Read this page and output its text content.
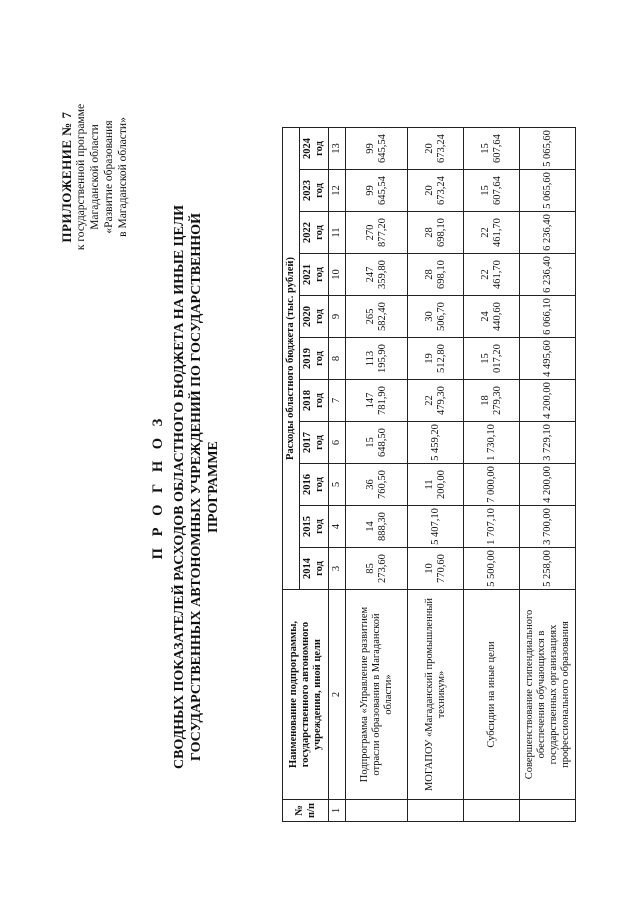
ПРИЛОЖЕНИЕ № 7 к государственной программе Магаданской области «Развитие образования в Магаданской области»
П Р О Г Н О З СВОДНЫХ ПОКАЗАТЕЛЕЙ РАСХОДОВ ОБЛАСТНОГО БЮДЖЕТА НА ИНЫЕ ЦЕЛИ ГОСУДАРСТВЕННЫХ АВТОНОМНЫХ УЧРЕЖДЕНИЙ ПО ГОСУДАРСТВЕННОЙ ПРОГРАММЕ
№ п/п	Наименование подпрограммы, государственного автономного учреждения, иной цели	Расходы областного бюджета (тыс. рублей)										
		2014 год	2015 год	2016 год	2017 год	2018 год	2019 год	2020 год	2021 год	2022 год	2023 год	2024 год
1	2	3	4	5	6	7	8	9	10	11	12	13
	Подпрограмма «Управление развитием отрасли образования в Магаданской области»	85 273,60	14 888,30	36 760,50	15 648,50	147 781,90	113 195,90	265 582,40	247 359,80	270 877,20	99 645,54	99 645,54
	МОГАПОУ «Магаданский промышленный техникум»	10 770,60	5 407,10	11 200,00	5 459,20	22 479,30	19 512,80	30 506,70	28 698,10	28 698,10	20 673,24	20 673,24
	Субсидии на иные цели	5 500,00	1 707,10	7 000,00	1 730,10	18 279,30	15 017,20	24 440,60	22 461,70	22 461,70	15 607,64	15 607,64
	Совершенствование стипендиального обеспечения обучающихся в государственных организациях профессионального образования	5 258,00	3 700,00	4 200,00	3 729,10	4 200,00	4 495,60	6 066,10	6 236,40	6 236,40	5 065,60	5 065,60
